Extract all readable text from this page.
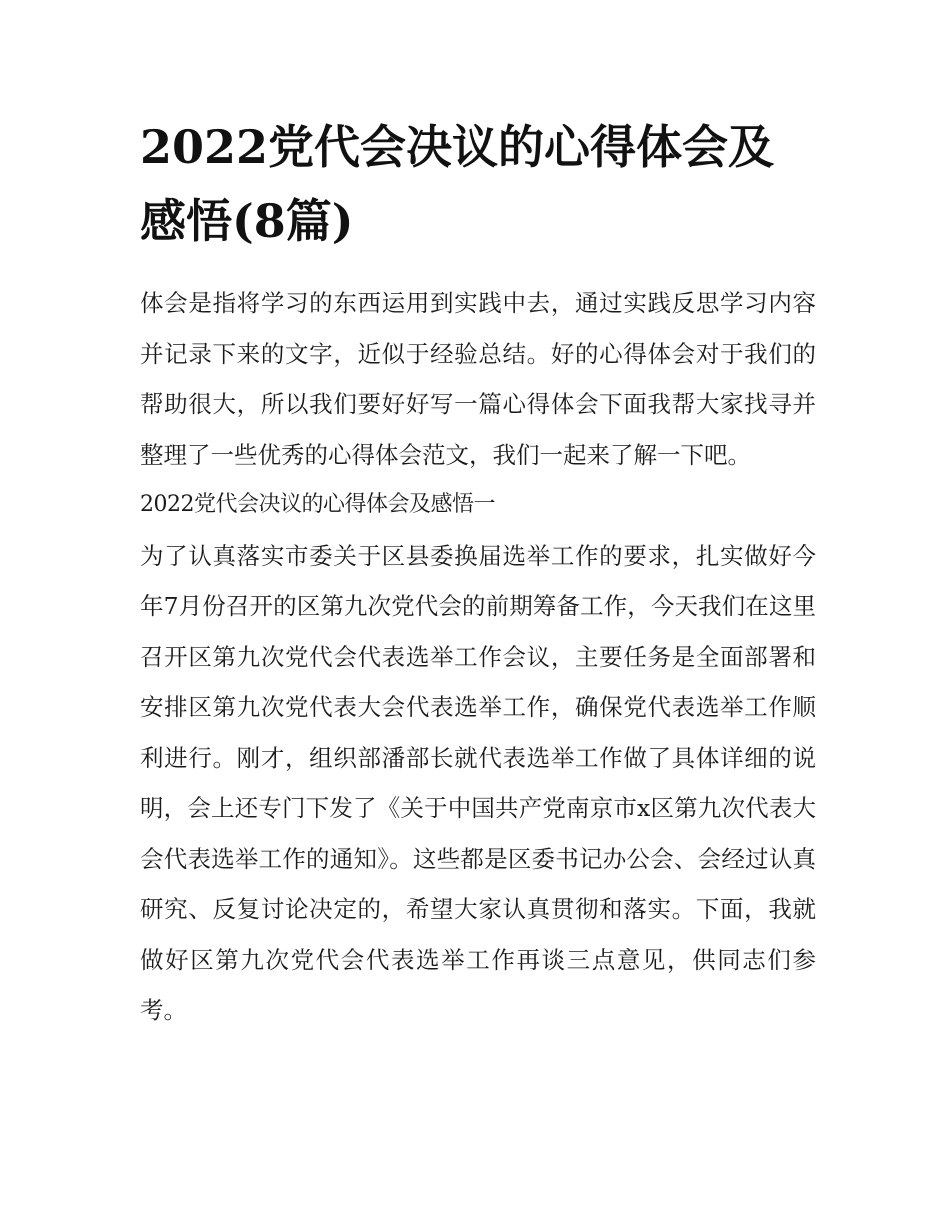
2022党代会决议的心得体会及
感悟(8篇)

体会是指将学习的东西运用到实践中去，通过实践反思学习内容并记录下来的文字，近似于经验总结。好的心得体会对于我们的帮助很大，所以我们要好好写一篇心得体会下面我帮大家找寻并整理了一些优秀的心得体会范文，我们一起来了解一下吧。

2022党代会决议的心得体会及感悟一

为了认真落实市委关于区县委换届选举工作的要求，扎实做好今年7月份召开的区第九次党代会的前期筹备工作，今天我们在这里召开区第九次党代会代表选举工作会议，主要任务是全面部署和安排区第九次党代表大会代表选举工作，确保党代表选举工作顺利进行。刚才，组织部潘部长就代表选举工作做了具体详细的说明，会上还专门下发了《关于中国共产党南京市x区第九次代表大会代表选举工作的通知》。这些都是区委书记办公会、会经过认真研究、反复讨论决定的，希望大家认真贯彻和落实。下面，我就做好区第九次党代会代表选举工作再谈三点意见，供同志们参考。
